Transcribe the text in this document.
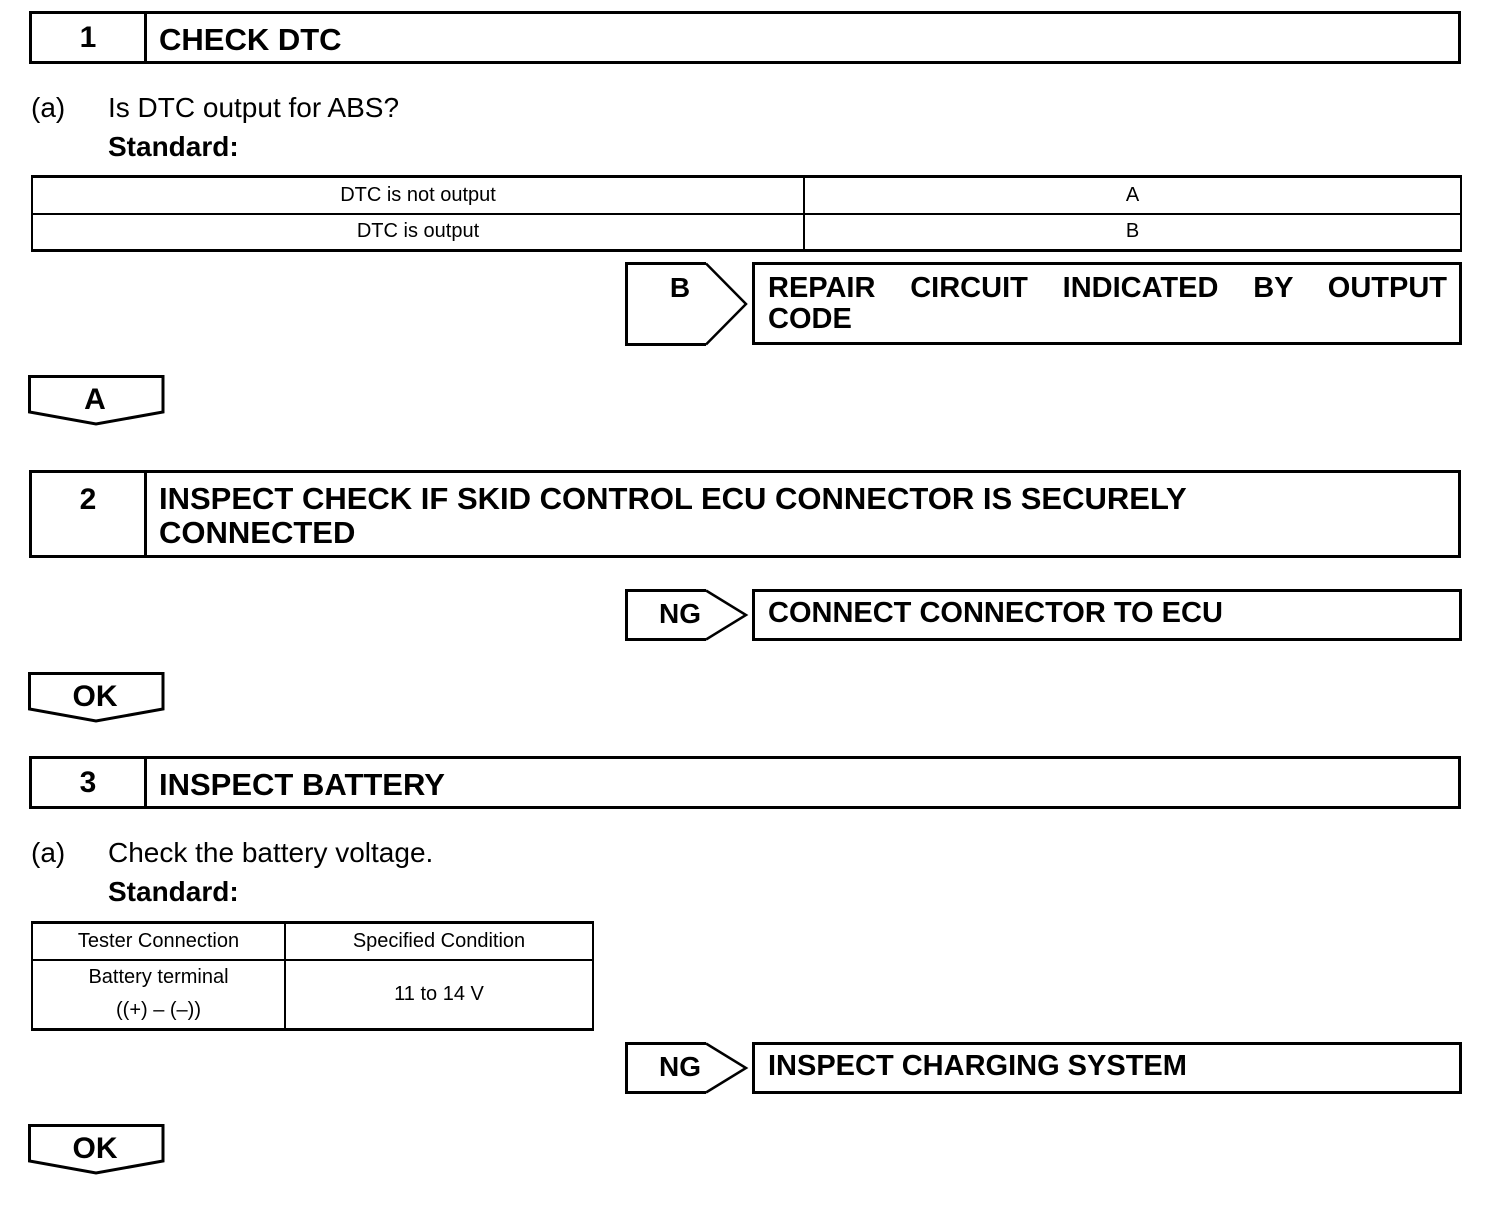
1	CHECK DTC
(a) Is DTC output for ABS?
Standard:
DTC is not output	A
DTC is output	B
B	REPAIR CIRCUIT INDICATED BY OUTPUT
CODE
A
2	INSPECT CHECK IF SKID CONTROL ECU CONNECTOR IS SECURELY CONNECTED
NG	CONNECT CONNECTOR TO ECU
OK
3	INSPECT BATTERY
(a) Check the battery voltage.
Standard:
Tester Connection	Specified Condition

Battery terminal
((+) – (–))	11 to 14 V
NG	INSPECT CHARGING SYSTEM
OK
